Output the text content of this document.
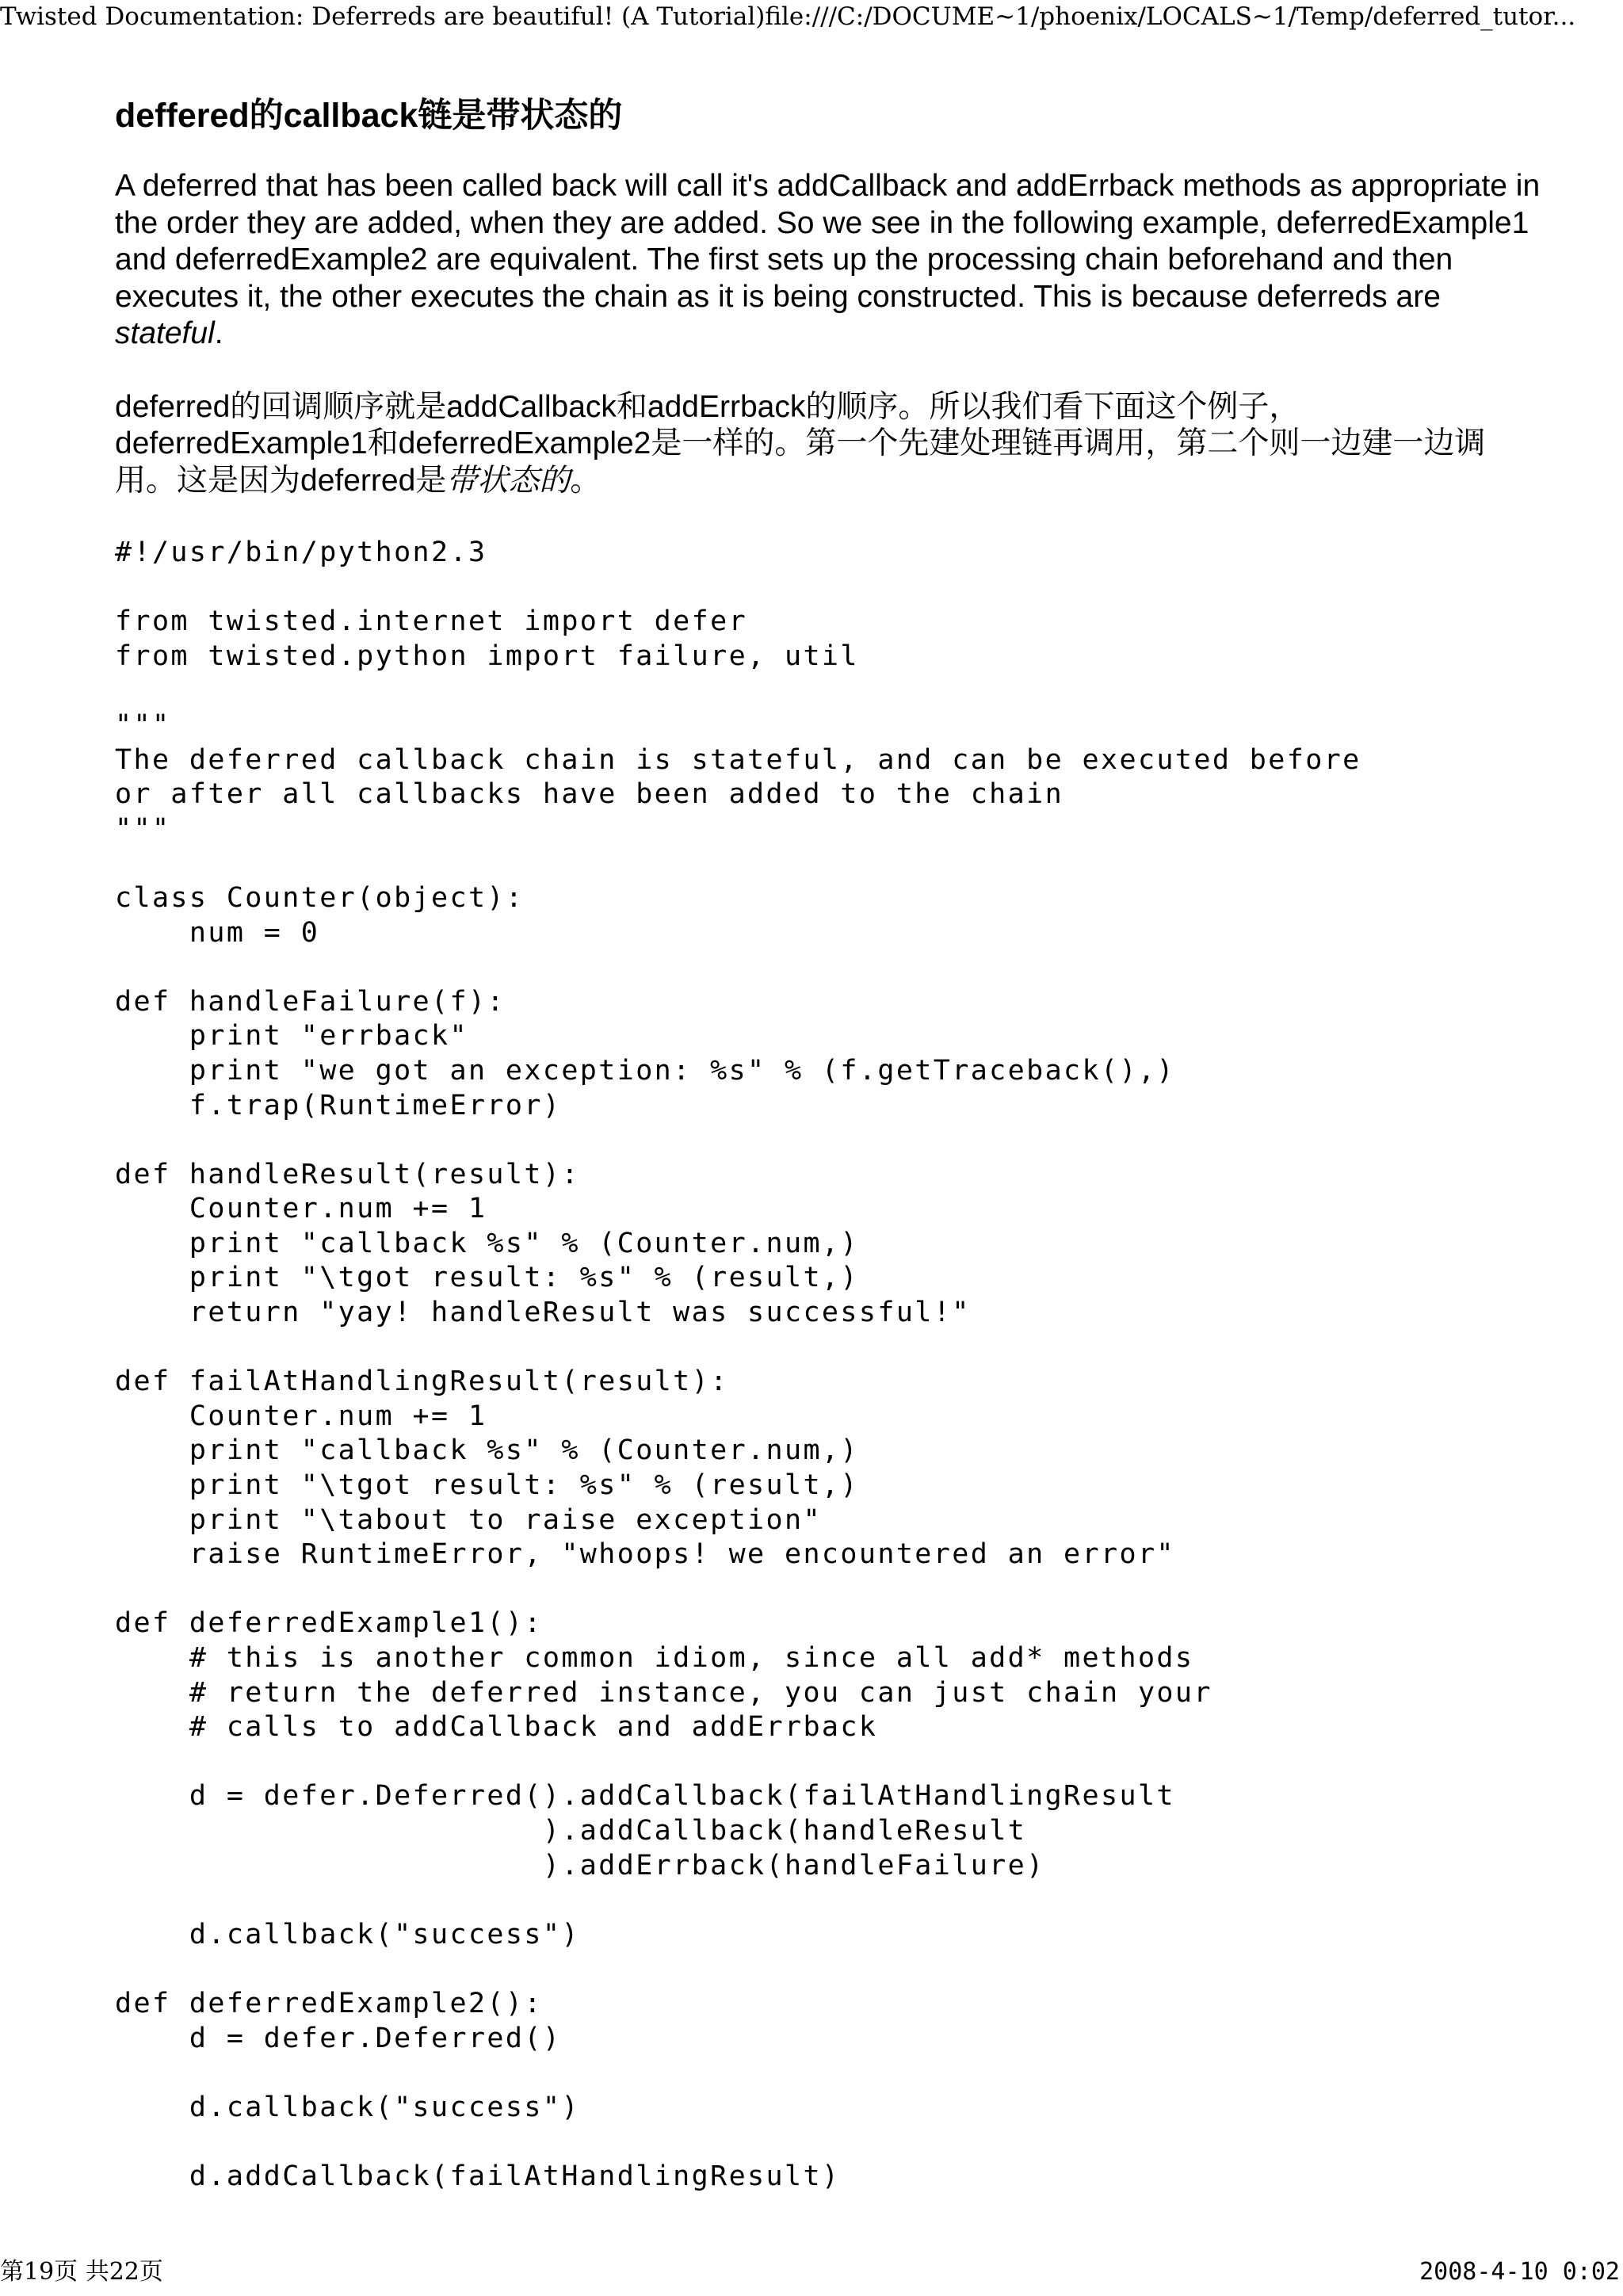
Twisted Documentation: Deferreds are beautiful! (A Tutorial)file:///C:/DOCUME~1/phoenix/LOCALS~1/Temp/deferred_tutor...
deffered的callback链是带状态的

A deferred that has been called back will call it's addCallback and addErrback methods as appropriate in the order they are added, when they are added. So we see in the following example, deferredExample1 and deferredExample2 are equivalent. The first sets up the processing chain beforehand and then executes it, the other executes the chain as it is being constructed. This is because deferreds are stateful.

deferred的回调顺序就是addCallback和addErrback的顺序。所以我们看下面这个例子，deferredExample1和deferredExample2是一样的。第一个先建处理链再调用，第二个则一边建一边调用。这是因为deferred是带状态的。

#!/usr/bin/python2.3

from twisted.internet import defer
from twisted.python import failure, util

"""
The deferred callback chain is stateful, and can be executed before
or after all callbacks have been added to the chain
"""

class Counter(object):
num = 0

def handleFailure(f):
print "errback"
print "we got an exception: %s" % (f.getTraceback(),)
f.trap(RuntimeError)

def handleResult(result):
Counter.num += 1
print "callback %s" % (Counter.num,)
print "\tgot result: %s" % (result,)
return "yay! handleResult was successful!"

def failAtHandlingResult(result):
Counter.num += 1
print "callback %s" % (Counter.num,)
print "\tgot result: %s" % (result,)
print "\tabout to raise exception"
raise RuntimeError, "whoops! we encountered an error"

def deferredExample1():
# this is another common idiom, since all add* methods
# return the deferred instance, you can just chain your
# calls to addCallback and addErrback

d = defer.Deferred().addCallback(failAtHandlingResult
).addCallback(handleResult
).addErrback(handleFailure)

d.callback("success")

def deferredExample2():
d = defer.Deferred()

d.callback("success")

d.addCallback(failAtHandlingResult)
第19页 共22页	2008-4-10 0:02
